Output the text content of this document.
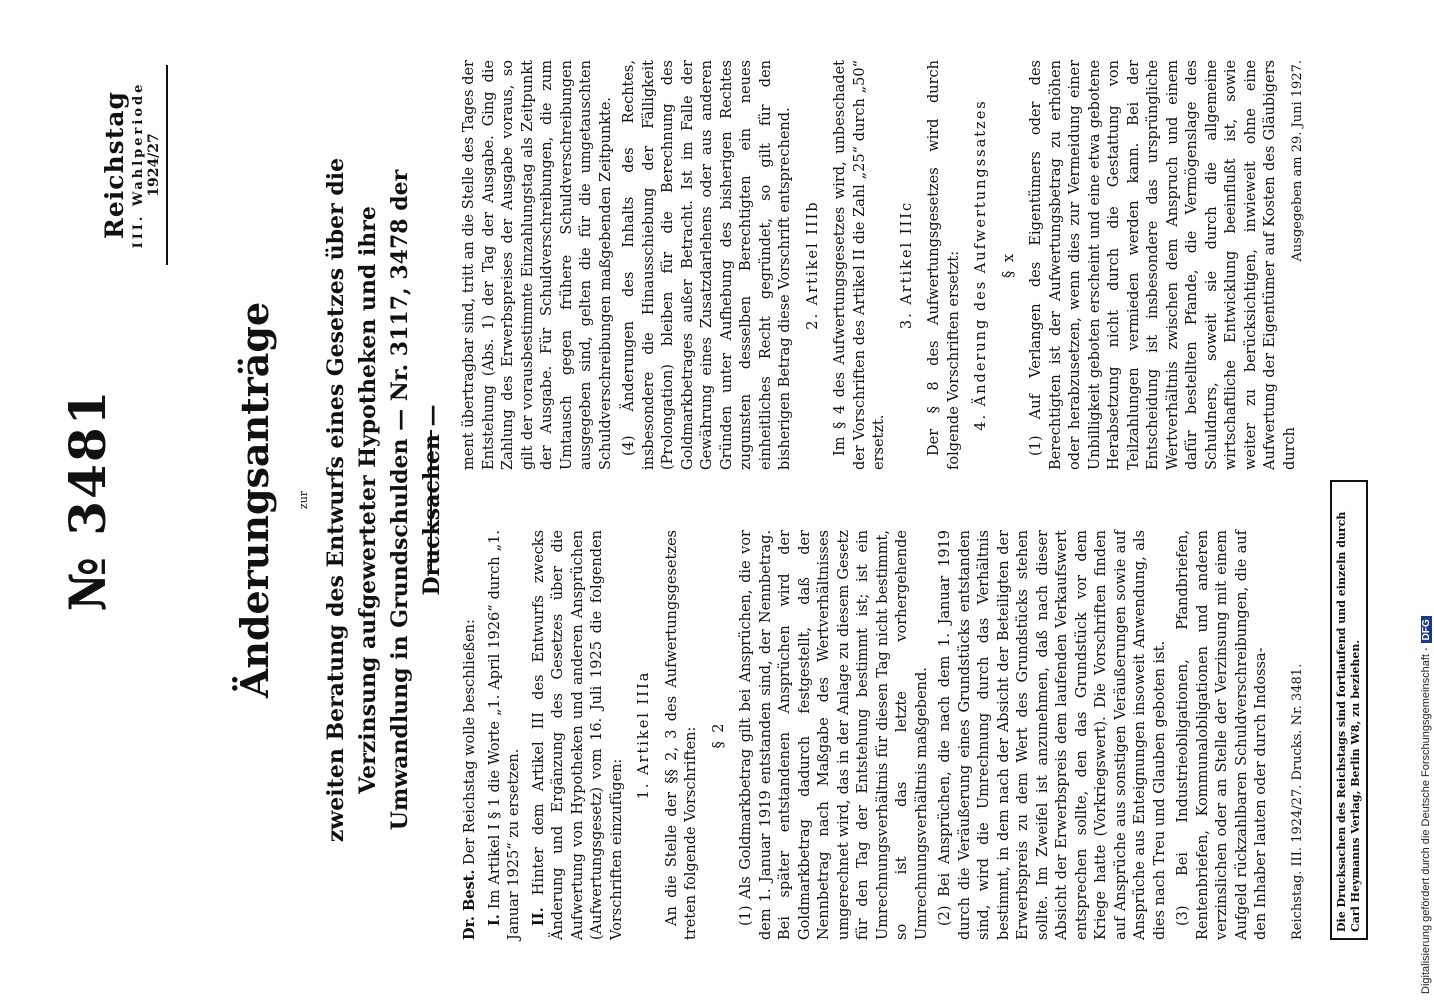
Reichstag III. Wahlperiode 1924/27
№ 3481	Änderungsanträge zur zweiten Beratung des Entwurfs eines Gesetzes über die Verzinsung aufgewerteter Hypotheken und ihre Umwandlung in Grundschulden — Nr. 3117, 3478 der Drucksachen —

Dr. Best. Der Reichstag wolle beschließen:

I. Im Artikel I § 1 die Worte „1. April 1926“ durch „1. Januar 1925“ zu ersetzen. II. Hinter dem Artikel III des Entwurfs zwecks Änderung und Ergänzung des Gesetzes über die Aufwertung von Hypotheken und anderen Ansprüchen (Aufwertungsgesetz) vom 16. Juli 1925 die folgenden Vorschriften einzufügen:

1. Artikel IIIa An die Stelle der §§ 2, 3 des Aufwertungsgesetzes treten folgende Vorschriften: § 2 (1) Als Goldmarkbetrag gilt bei Ansprüchen, die vor dem 1. Januar 1919 entstanden sind, der Nennbetrag. Bei später entstandenen Ansprüchen wird der Goldmarkbetrag dadurch festgestellt, daß der Nennbetrag nach Maßgabe des Wertverhältnisses umgerechnet wird, das in der Anlage zu diesem Gesetz für den Tag der Entstehung bestimmt ist; ist ein Umrechnungsverhältnis für diesen Tag nicht bestimmt, so ist das letzte vorhergehende Umrechnungsverhältnis maßgebend. (2) Bei Ansprüchen, die nach dem 1. Januar 1919 durch die Veräußerung eines Grundstücks entstanden sind, wird die Umrechnung durch das Verhältnis bestimmt, in dem nach der Absicht der Beteiligten der Erwerbspreis zu dem Wert des Grundstücks stehen sollte. Im Zweifel ist anzunehmen, daß nach dieser Absicht der Erwerbspreis dem laufenden Verkaufswert entsprechen sollte, den das Grundstück vor dem Kriege hatte (Vorkriegswert). Die Vorschriften finden auf Ansprüche aus sonstigen Veräußerungen sowie auf Ansprüche aus Enteignungen insoweit Anwendung, als dies nach Treu und Glauben geboten ist. (3) Bei Industrieobligationen, Pfandbriefen, Rentenbriefen, Kommunalobligationen und anderen verzinslichen oder an Stelle der Verzinsung mit einem Aufgeld rückzahlbaren Schuldverschreibungen, die auf den Inhaber lauten oder durch Indossa-

ment übertragbar sind, tritt an die Stelle des Tages der Entstehung (Abs. 1) der Tag der Ausgabe. Ging die Zahlung des Erwerbspreises der Ausgabe voraus, so gilt der vorausbestimmte Einzahlungstag als Zeitpunkt der Ausgabe. Für Schuldverschreibungen, die zum Umtausch gegen frühere Schuldverschreibungen ausgegeben sind, gelten die für die umgetauschten Schuldverschreibungen maßgebenden Zeitpunkte. (4) Änderungen des Inhalts des Rechtes, insbesondere die Hinausschiebung der Fälligkeit (Prolongation) bleiben für die Berechnung des Goldmarkbetrages außer Betracht. Ist im Falle der Gewährung eines Zusatzdarlehens oder aus anderen Gründen unter Aufhebung des bisherigen Rechtes zugunsten desselben Berechtigten ein neues einheitliches Recht gegründet, so gilt für den bisherigen Betrag diese Vorschrift entsprechend. 2. Artikel IIIb Im § 4 des Aufwertungsgesetzes wird, unbeschadet der Vorschriften des Artikel II die Zahl „25“ durch „50“ ersetzt.

3. Artikel IIIc Der § 8 des Aufwertungsgesetzes wird durch folgende Vorschriften ersetzt: 4. Änderung des Aufwertungssatzes § x (1) Auf Verlangen des Eigentümers oder des Berechtigten ist der Aufwertungsbetrag zu erhöhen oder herabzusetzen, wenn dies zur Vermeidung einer Unbilligkeit geboten erscheint und eine etwa gebotene Herabsetzung nicht durch die Gestattung von Teilzahlungen vermieden werden kann. Bei der Entscheidung ist insbesondere das ursprüngliche Wertverhältnis zwischen dem Anspruch und einem dafür bestellten Pfande, die Vermögenslage des Schuldners, soweit sie durch die allgemeine wirtschaftliche Entwicklung beeinflußt ist, sowie weiter zu berücksichtigen, inwieweit ohne eine Aufwertung der Eigentümer auf Kosten des Gläubigers durch

Reichstag. III. 1924/27. Drucks. Nr. 3481.
Ausgegeben am 29. Juni 1927.
Die Drucksachen des Reichstags sind fortlaufend und einzeln durch Carl Heymanns Verlag, Berlin W8, zu beziehen.	Digitalisierung gefördert durch die Deutsche Forschungsgemeinschaft -DFG
